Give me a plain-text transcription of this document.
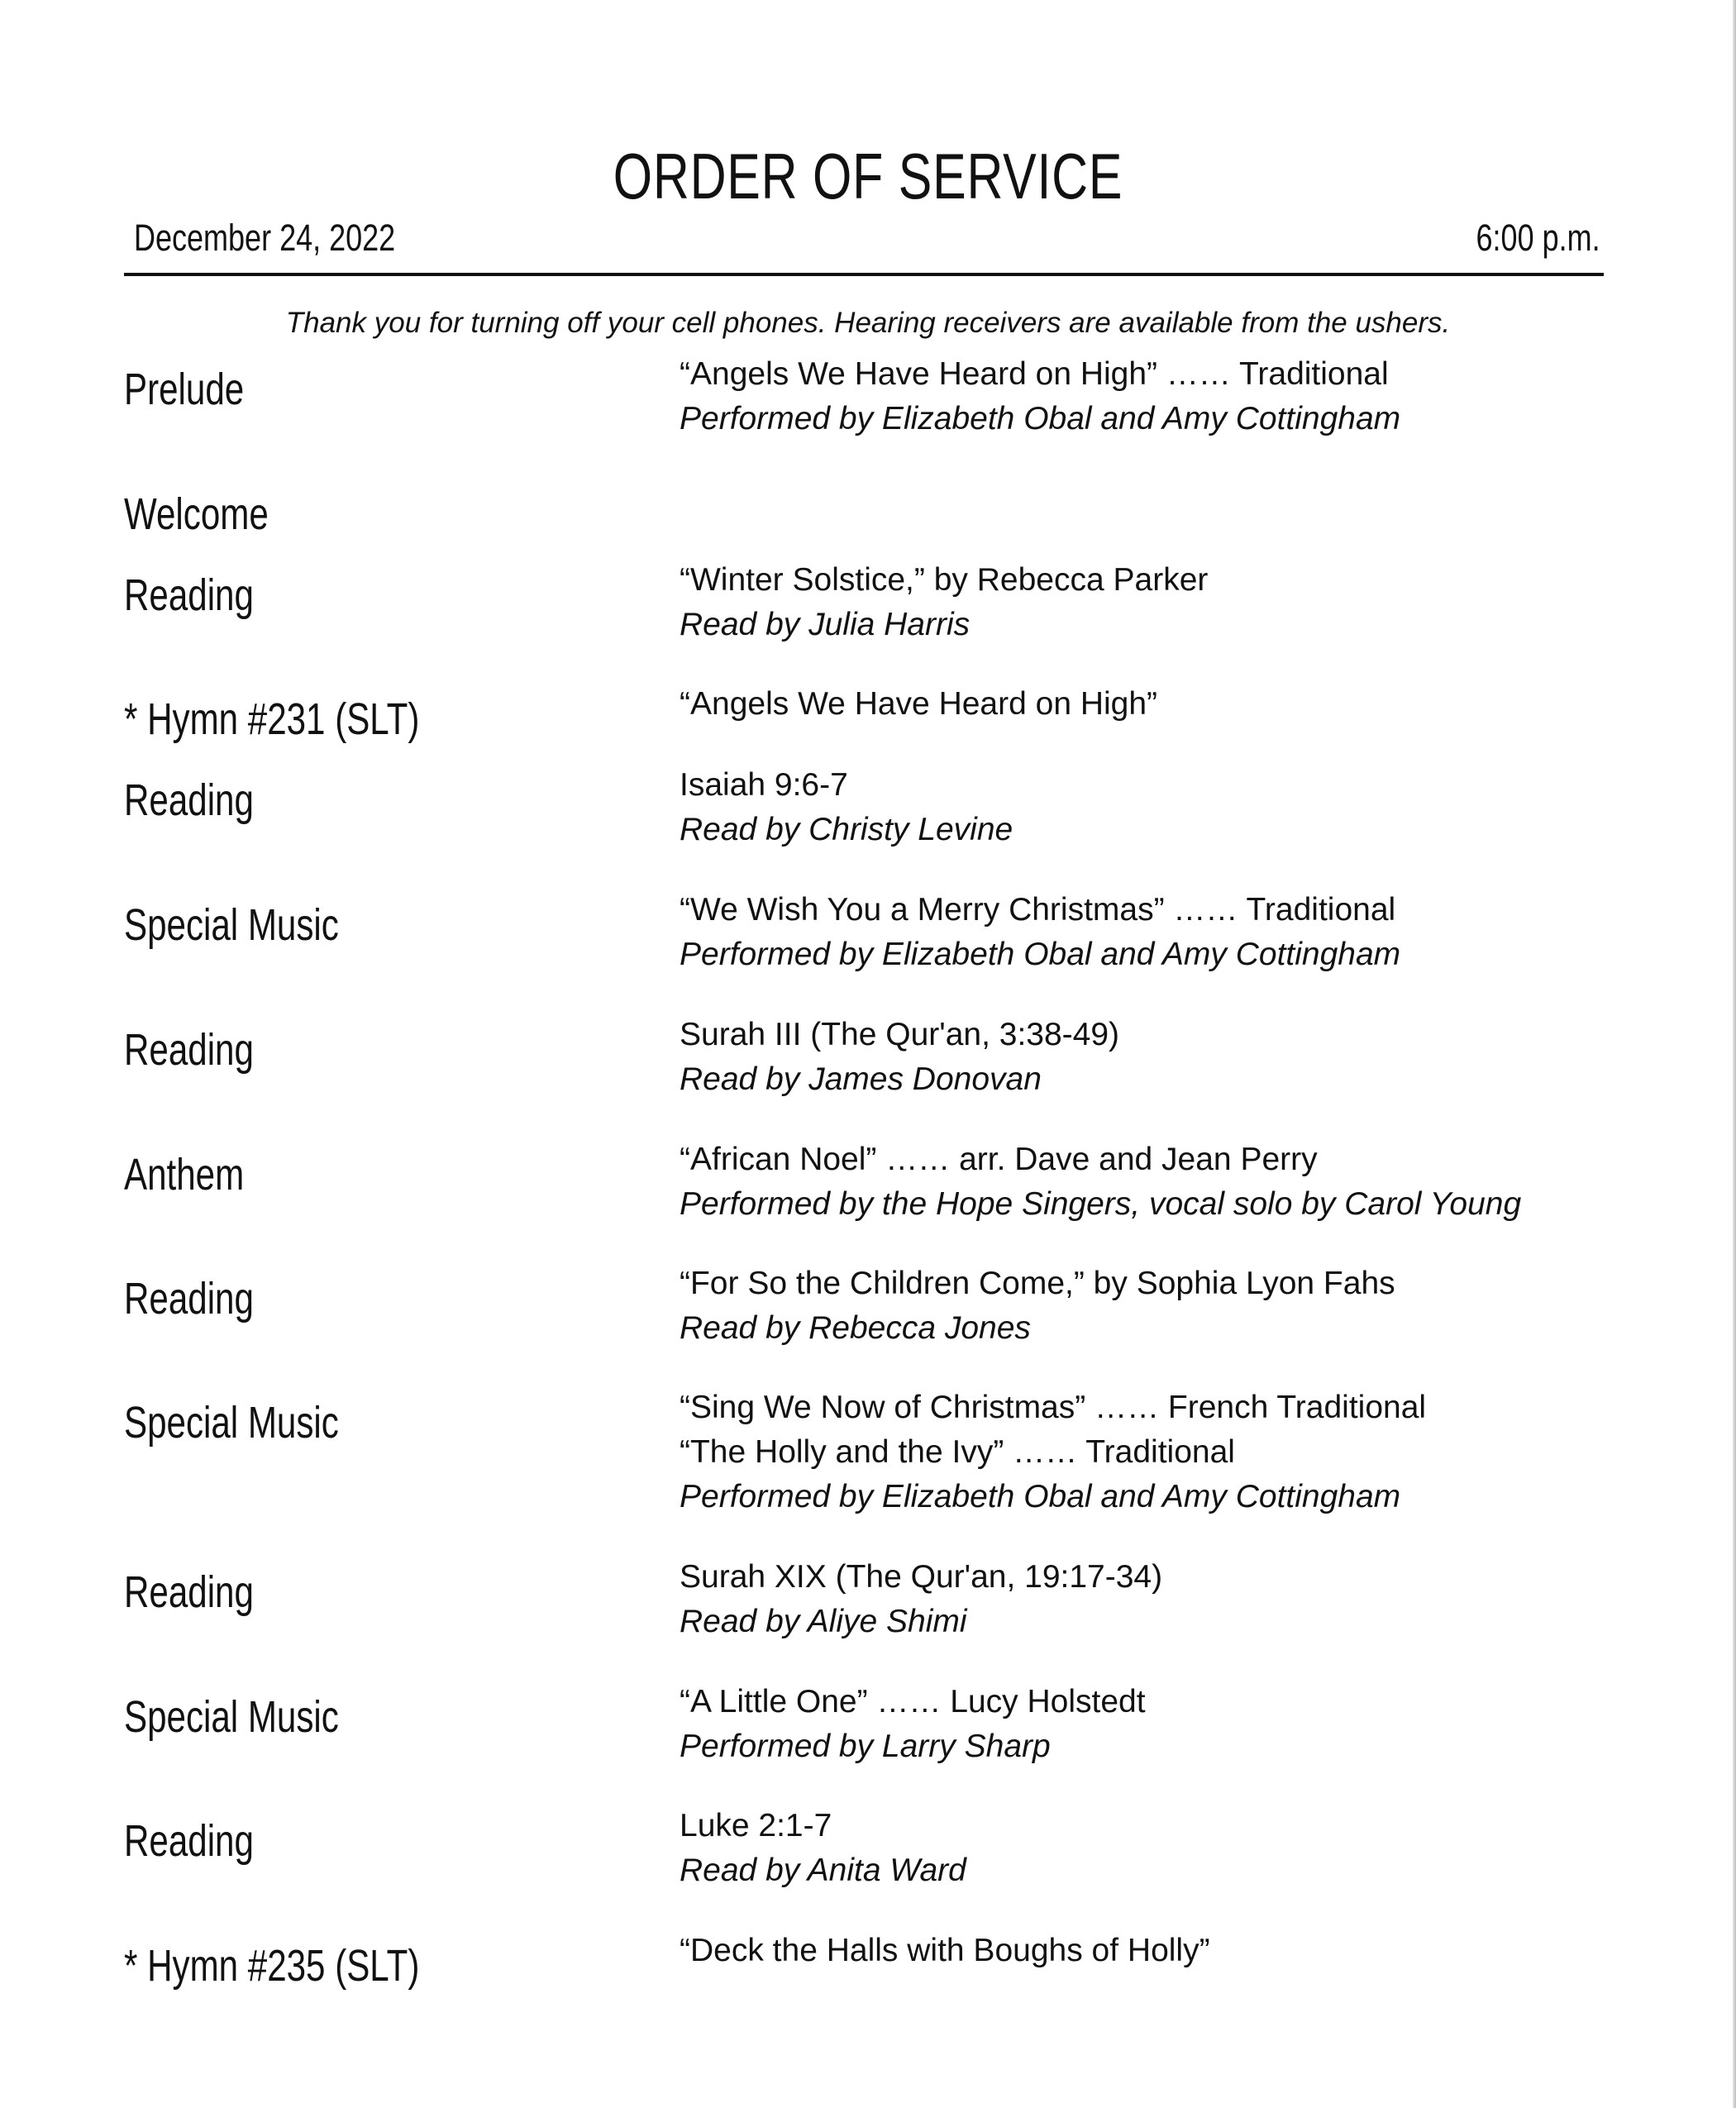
ORDER OF SERVICE
December 24, 2022	6:00 p.m.
Thank you for turning off your cell phones. Hearing receivers are available from the ushers.
Prelude	“Angels We Have Heard on High” …… Traditional
Performed by Elizabeth Obal and Amy Cottingham
Welcome
Reading	“Winter Solstice,” by Rebecca Parker
Read by Julia Harris
* Hymn #231 (SLT)	“Angels We Have Heard on High”
Reading	Isaiah 9:6-7
Read by Christy Levine
Special Music	“We Wish You a Merry Christmas” …… Traditional
Performed by Elizabeth Obal and Amy Cottingham
Reading	Surah III (The Qur'an, 3:38-49)
Read by James Donovan
Anthem	“African Noel” …… arr. Dave and Jean Perry
Performed by the Hope Singers, vocal solo by Carol Young
Reading	“For So the Children Come,” by Sophia Lyon Fahs
Read by Rebecca Jones
Special Music	“Sing We Now of Christmas” …… French Traditional
“The Holly and the Ivy” …… Traditional
Performed by Elizabeth Obal and Amy Cottingham
Reading	Surah XIX (The Qur'an, 19:17-34)
Read by Aliye Shimi
Special Music	“A Little One” …… Lucy Holstedt
Performed by Larry Sharp
Reading	Luke 2:1-7
Read by Anita Ward
* Hymn #235 (SLT)	“Deck the Halls with Boughs of Holly”
